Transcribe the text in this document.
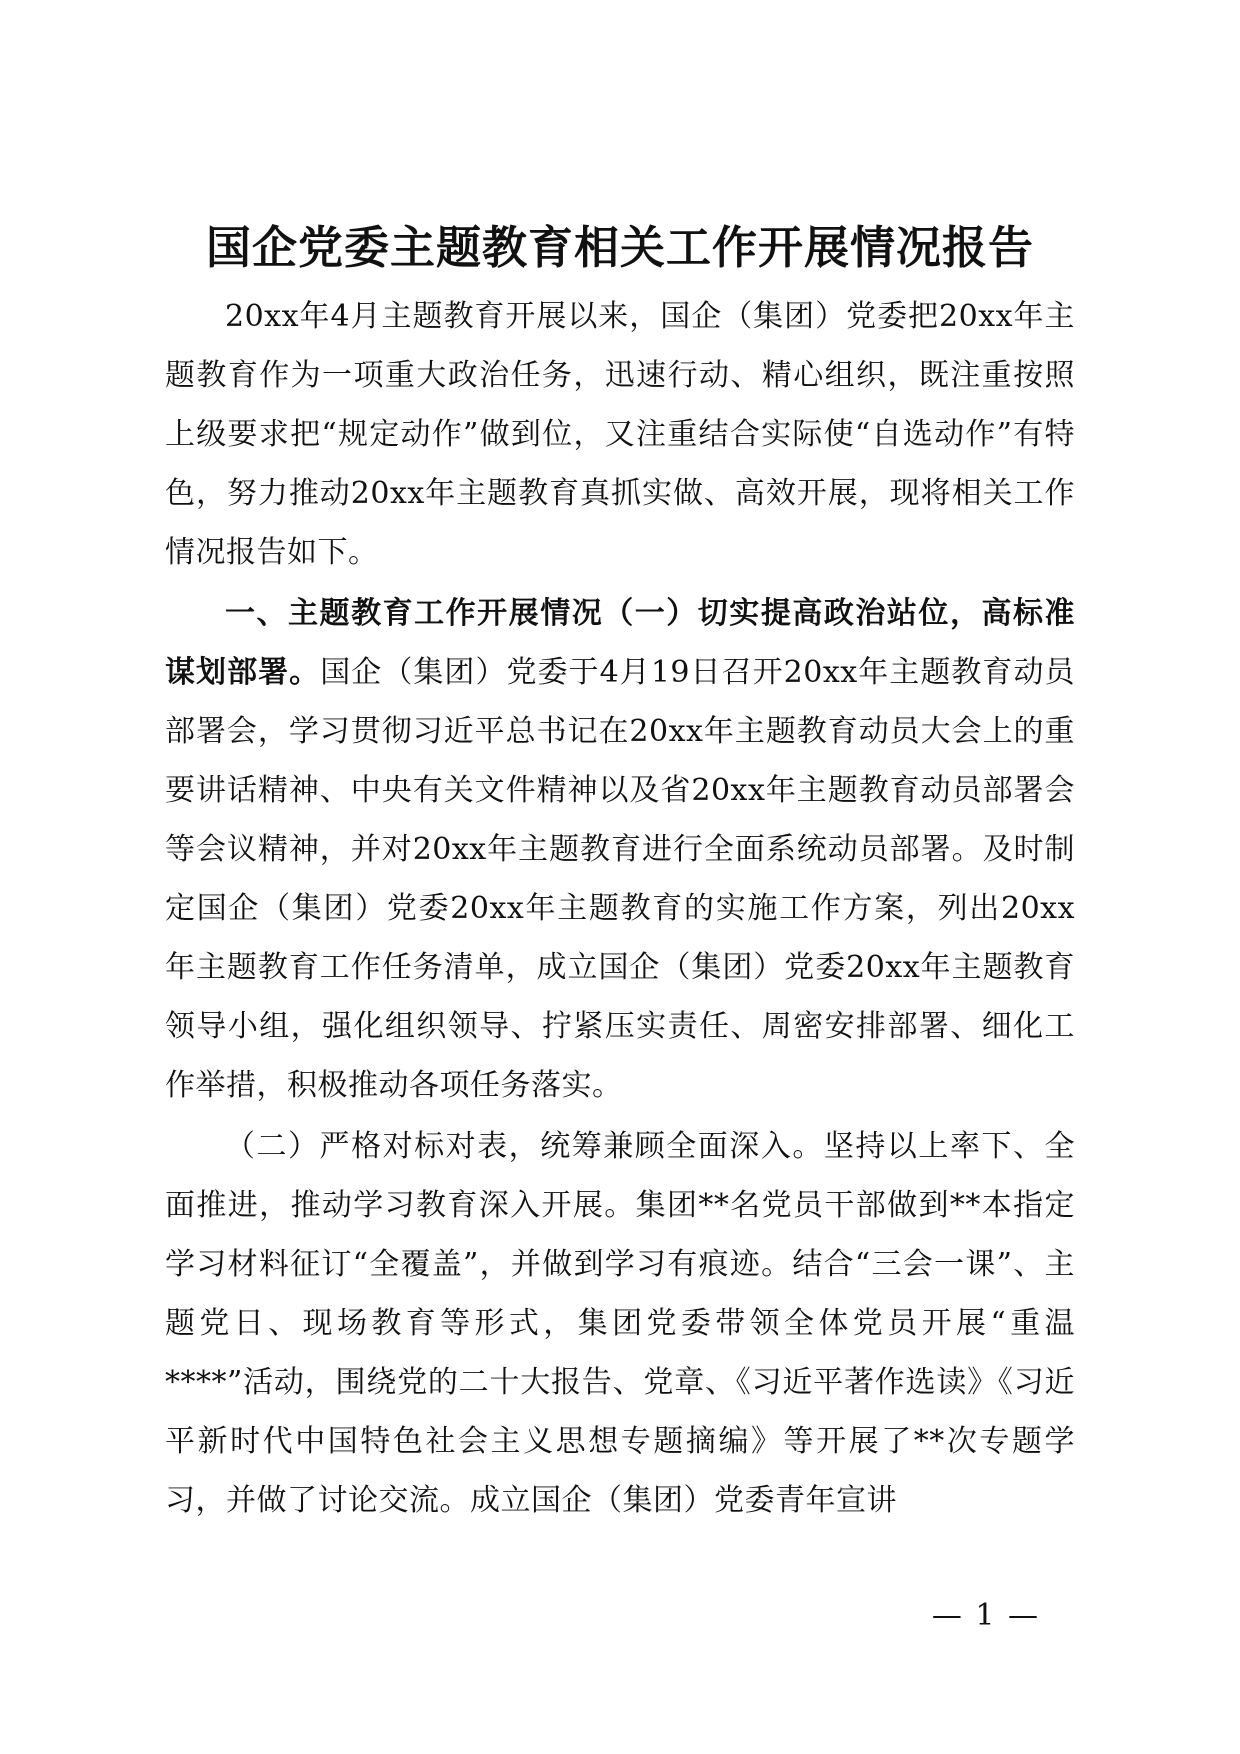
国企党委主题教育相关工作开展情况报告

20xx年4月主题教育开展以来，国企（集团）党委把20xx年主题教育作为一项重大政治任务，迅速行动、精心组织，既注重按照上级要求把“规定动作”做到位，又注重结合实际使“自选动作”有特色，努力推动20xx年主题教育真抓实做、高效开展，现将相关工作情况报告如下。

一、主题教育工作开展情况（一）切实提高政治站位，高标准谋划部署。国企（集团）党委于4月19日召开20xx年主题教育动员部署会，学习贯彻习近平总书记在20xx年主题教育动员大会上的重要讲话精神、中央有关文件精神以及省20xx年主题教育动员部署会等会议精神，并对20xx年主题教育进行全面系统动员部署。及时制定国企（集团）党委20xx年主题教育的实施工作方案，列出20xx年主题教育工作任务清单，成立国企（集团）党委20xx年主题教育领导小组，强化组织领导、拧紧压实责任、周密安排部署、细化工作举措，积极推动各项任务落实。

（二）严格对标对表，统筹兼顾全面深入。坚持以上率下、全面推进，推动学习教育深入开展。集团**名党员干部做到**本指定学习材料征订“全覆盖”，并做到学习有痕迹。结合“三会一课”、主题党日、现场教育等形式，集团党委带领全体党员开展“重温****”活动，围绕党的二十大报告、党章、《习近平著作选读》《习近平新时代中国特色社会主义思想专题摘编》等开展了**次专题学习，并做了讨论交流。成立国企（集团）党委青年宣讲

— 1 —
